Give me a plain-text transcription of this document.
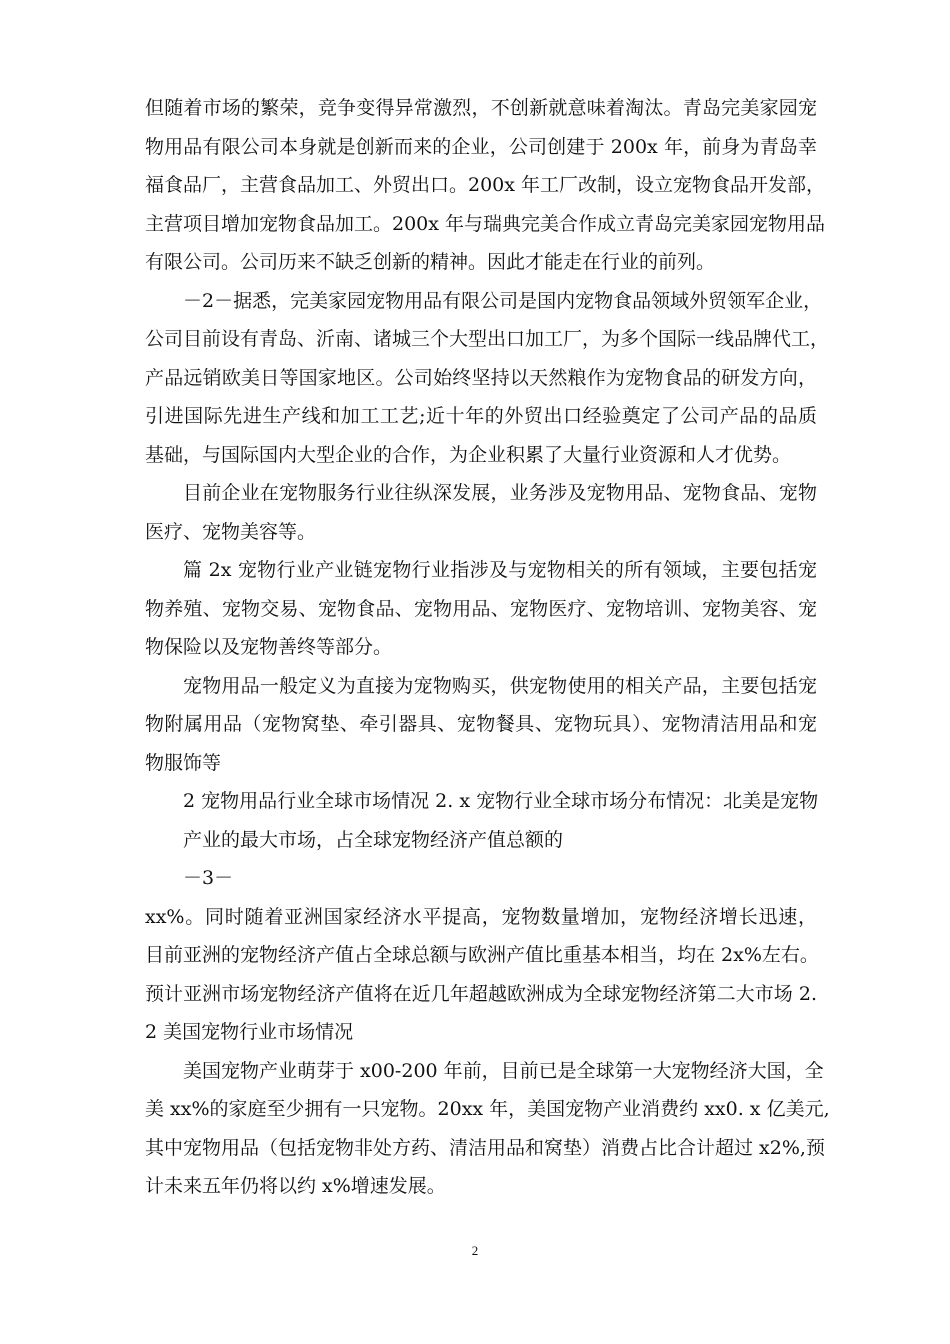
但随着市场的繁荣，竞争变得异常激烈，不创新就意味着淘汰。青岛完美家园宠
物用品有限公司本身就是创新而来的企业，公司创建于 200x 年，前身为青岛幸
福食品厂，主营食品加工、外贸出口。200x 年工厂改制，设立宠物食品开发部，
主营项目增加宠物食品加工。200x 年与瑞典完美合作成立青岛完美家园宠物用品
有限公司。公司历来不缺乏创新的精神。因此才能走在行业的前列。
－2－据悉，完美家园宠物用品有限公司是国内宠物食品领域外贸领军企业，
公司目前设有青岛、沂南、诸城三个大型出口加工厂，为多个国际一线品牌代工，
产品远销欧美日等国家地区。公司始终坚持以天然粮作为宠物食品的研发方向，
引进国际先进生产线和加工工艺;近十年的外贸出口经验奠定了公司产品的品质
基础，与国际国内大型企业的合作，为企业积累了大量行业资源和人才优势。
目前企业在宠物服务行业往纵深发展，业务涉及宠物用品、宠物食品、宠物
医疗、宠物美容等。
篇 2x 宠物行业产业链宠物行业指涉及与宠物相关的所有领域，主要包括宠
物养殖、宠物交易、宠物食品、宠物用品、宠物医疗、宠物培训、宠物美容、宠
物保险以及宠物善终等部分。
宠物用品一般定义为直接为宠物购买，供宠物使用的相关产品，主要包括宠
物附属用品（宠物窝垫、牵引器具、宠物餐具、宠物玩具）、宠物清洁用品和宠
物服饰等
2 宠物用品行业全球市场情况 2. x 宠物行业全球市场分布情况：北美是宠物
产业的最大市场，占全球宠物经济产值总额的
－3－
xx%。同时随着亚洲国家经济水平提高，宠物数量增加，宠物经济增长迅速，
目前亚洲的宠物经济产值占全球总额与欧洲产值比重基本相当，均在 2x%左右。
预计亚洲市场宠物经济产值将在近几年超越欧洲成为全球宠物经济第二大市场 2.
2 美国宠物行业市场情况
美国宠物产业萌芽于 x00-200 年前，目前已是全球第一大宠物经济大国，全
美 xx%的家庭至少拥有一只宠物。20xx 年，美国宠物产业消费约 xx0. x 亿美元,
其中宠物用品（包括宠物非处方药、清洁用品和窝垫）消费占比合计超过 x2%,预
计未来五年仍将以约 x%增速发展。
2
